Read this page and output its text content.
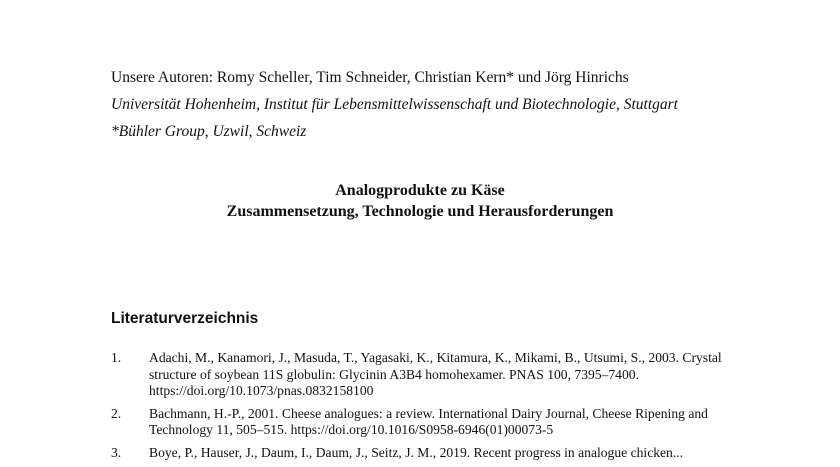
Unsere Autoren: Romy Scheller, Tim Schneider, Christian Kern* und Jörg Hinrichs
Universität Hohenheim, Institut für Lebensmittelwissenschaft und Biotechnologie, Stuttgart
*Bühler Group, Uzwil, Schweiz
Analogprodukte zu Käse
Zusammensetzung, Technologie und Herausforderungen
Literaturverzeichnis
1.	Adachi, M., Kanamori, J., Masuda, T., Yagasaki, K., Kitamura, K., Mikami, B., Utsumi, S., 2003. Crystal
structure of soybean 11S globulin: Glycinin A3B4 homohexamer. PNAS 100, 7395–7400.
https://doi.org/10.1073/pnas.0832158100
2.	Bachmann, H.-P., 2001. Cheese analogues: a review. International Dairy Journal, Cheese Ripening and
Technology 11, 505–515. https://doi.org/10.1016/S0958-6946(01)00073-5
3.	Boye, P., Hauser, J., Daum, I., Daum, J., Seitz, J. M., 2019. Recent progress in analogue chicken...
